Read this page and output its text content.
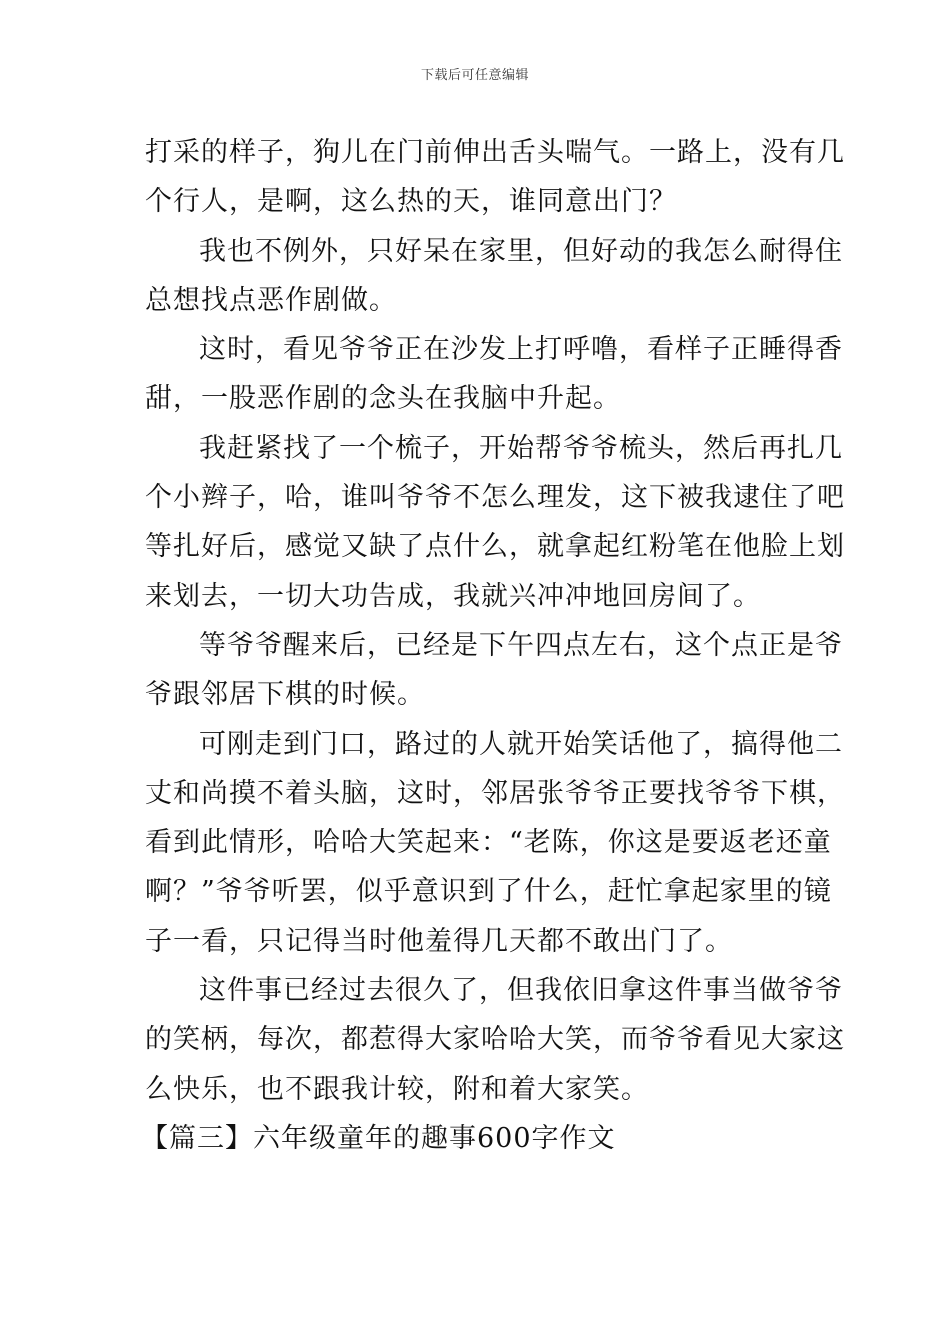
下载后可任意编辑
打采的样子，狗儿在门前伸出舌头喘气。一路上，没有几
个行人，是啊，这么热的天，谁同意出门？
我也不例外，只好呆在家里，但好动的我怎么耐得住
总想找点恶作剧做。
这时，看见爷爷正在沙发上打呼噜，看样子正睡得香
甜，一股恶作剧的念头在我脑中升起。
我赶紧找了一个梳子，开始帮爷爷梳头，然后再扎几
个小辫子，哈，谁叫爷爷不怎么理发，这下被我逮住了吧
等扎好后，感觉又缺了点什么，就拿起红粉笔在他脸上划
来划去，一切大功告成，我就兴冲冲地回房间了。
等爷爷醒来后，已经是下午四点左右，这个点正是爷
爷跟邻居下棋的时候。
可刚走到门口，路过的人就开始笑话他了，搞得他二
丈和尚摸不着头脑，这时，邻居张爷爷正要找爷爷下棋，
看到此情形，哈哈大笑起来：“老陈，你这是要返老还童
啊？”爷爷听罢，似乎意识到了什么，赶忙拿起家里的镜
子一看，只记得当时他羞得几天都不敢出门了。
这件事已经过去很久了，但我依旧拿这件事当做爷爷
的笑柄，每次，都惹得大家哈哈大笑，而爷爷看见大家这
么快乐，也不跟我计较，附和着大家笑。
【篇三】六年级童年的趣事600字作文
